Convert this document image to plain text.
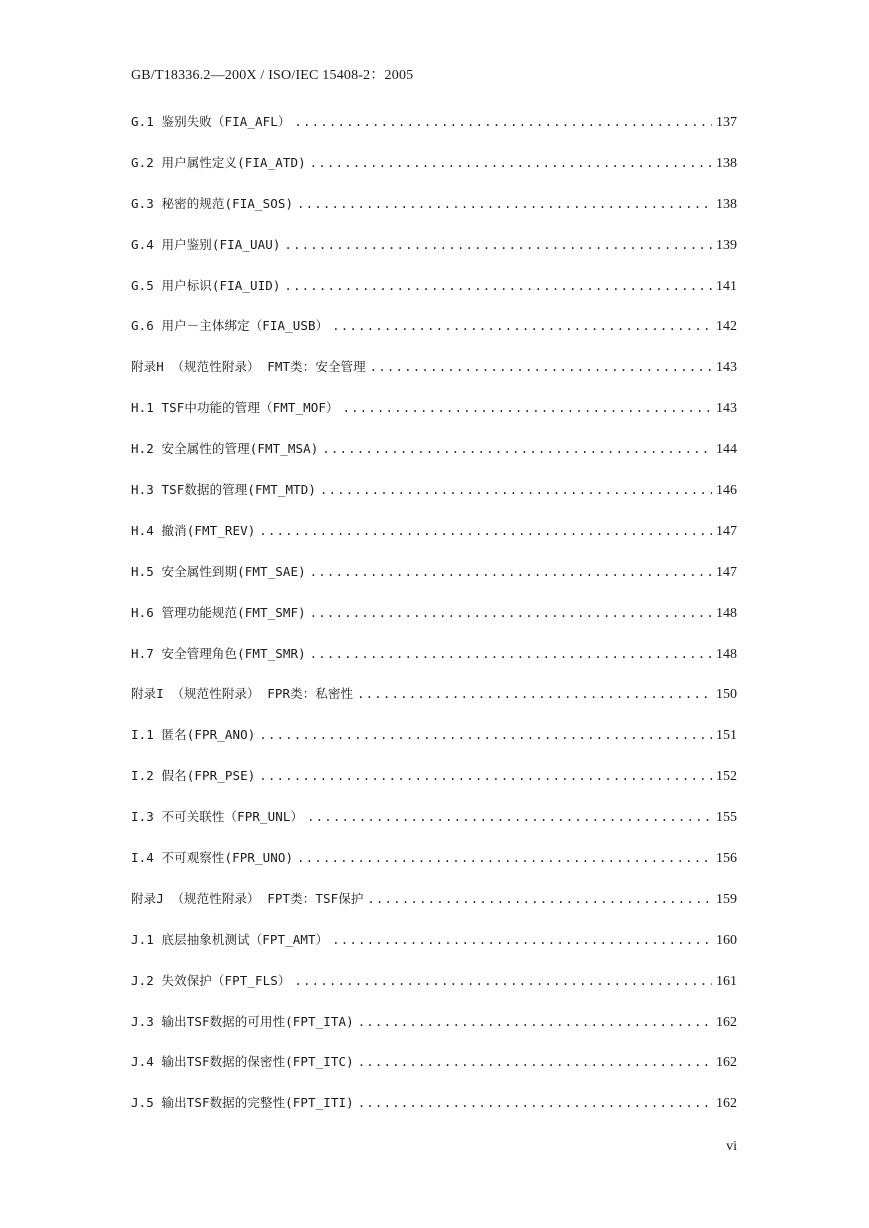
GB/T18336.2—200X / ISO/IEC 15408-2：2005
G.1 鉴别失败（FIA_AFL） .....	137
G.2 用户属性定义(FIA_ATD) .....	138
G.3 秘密的规范(FIA_SOS) .....	138
G.4 用户鉴别(FIA_UAU) .....	139
G.5 用户标识(FIA_UID) .....	141
G.6 用户－主体绑定（FIA_USB） .....	142
附录H （规范性附录） FMT类：安全管理 .....	143
H.1 TSF中功能的管理（FMT_MOF） .....	143
H.2 安全属性的管理(FMT_MSA) .....	144
H.3 TSF数据的管理(FMT_MTD) .....	146
H.4 撤消(FMT_REV) .....	147
H.5 安全属性到期(FMT_SAE) .....	147
H.6 管理功能规范(FMT_SMF) .....	148
H.7 安全管理角色(FMT_SMR) .....	148
附录I （规范性附录） FPR类：私密性 .....	150
I.1 匿名(FPR_ANO) .....	151
I.2 假名(FPR_PSE) .....	152
I.3 不可关联性（FPR_UNL） .....	155
I.4 不可观察性(FPR_UNO) .....	156
附录J （规范性附录） FPT类：TSF保护 .....	159
J.1 底层抽象机测试（FPT_AMT） .....	160
J.2 失效保护（FPT_FLS） .....	161
J.3 输出TSF数据的可用性(FPT_ITA) .....	162
J.4 输出TSF数据的保密性(FPT_ITC) .....	162
J.5 输出TSF数据的完整性(FPT_ITI) .....	162
vi
